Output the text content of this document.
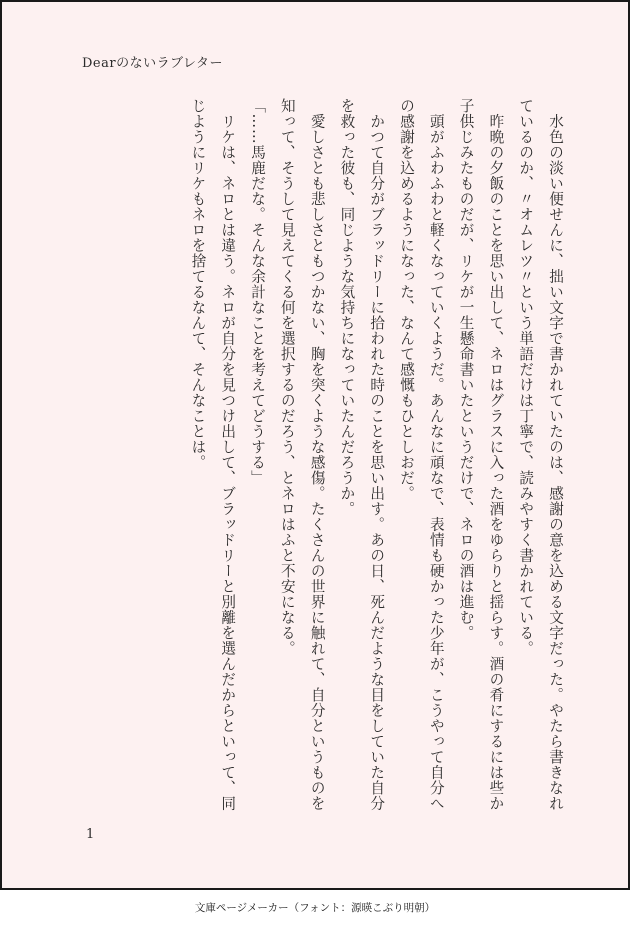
Dearのないラブレター

　水色の淡い便せんに、拙い文字で書かれていたのは、感謝の意を込める文字だった。やたら書きなれているのか、〃オムレツ〃という単語だけは丁寧で、読みやすく書かれている。

　昨晩の夕飯のことを思い出して、ネロはグラスに入った酒をゆらりと揺らす。酒の肴にするには些か子供じみたものだが、リケが一生懸命書いたというだけで、ネロの酒は進む。

　頭がふわふわと軽くなっていくようだ。あんなに頑なで、表情も硬かった少年が、こうやって自分への感謝を込めるようになった、なんて感慨もひとしおだ。

　かつて自分がブラッドリーに拾われた時のことを思い出す。あの日、死んだような目をしていた自分を救った彼も、同じような気持ちになっていたんだろうか。

　愛しさとも悲しさともつかない、胸を突くような感傷。たくさんの世界に触れて、自分というものを知って、そうして見えてくる何を選択するのだろう、とネロはふと不安になる。

「……馬鹿だな。そんな余計なことを考えてどうする」

　リケは、ネロとは違う。ネロが自分を見つけ出して、ブラッドリーと別離を選んだからといって、同じようにリケもネロを捨てるなんて、そんなことは。

1
文庫ページメーカー（フォント：源暎こぶり明朝）
